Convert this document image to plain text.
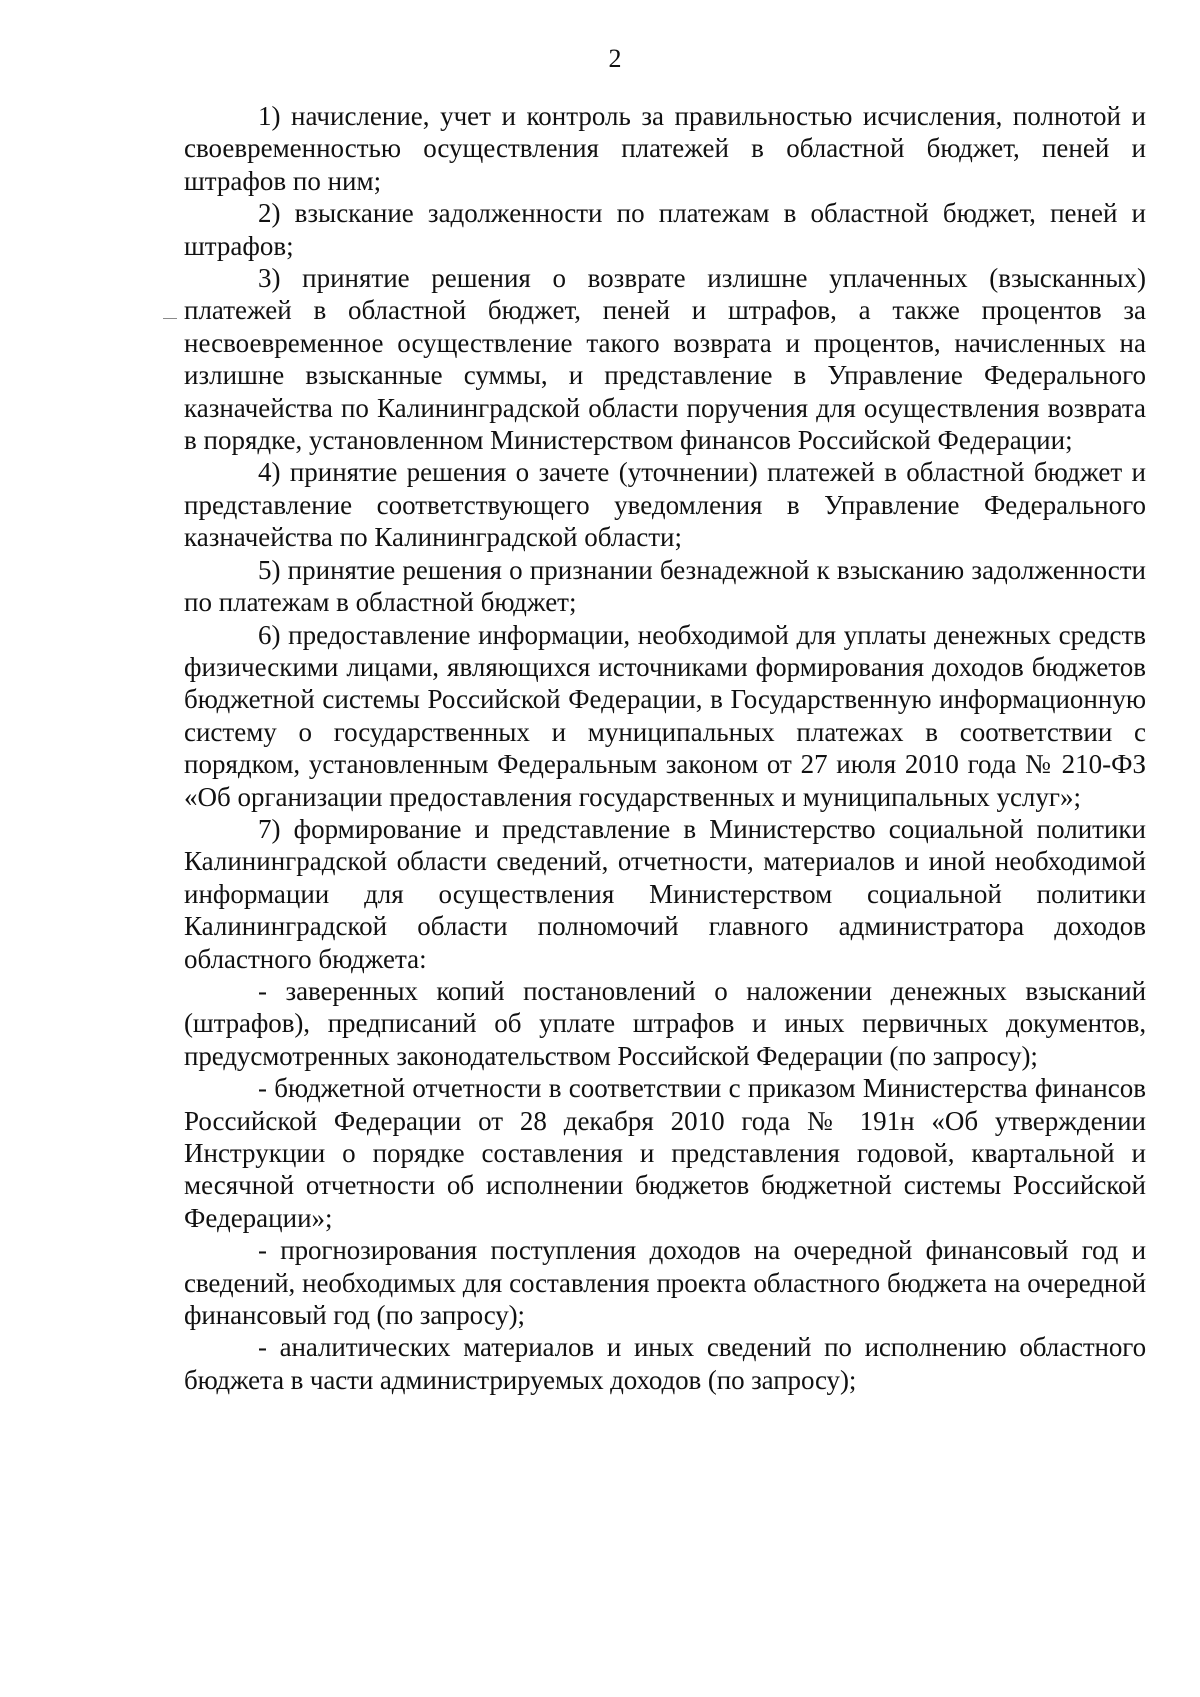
2

1) начисление, учет и контроль за правильностью исчисления, полнотой и своевременностью осуществления платежей в областной бюджет, пеней и штрафов по ним;

2) взыскание задолженности по платежам в областной бюджет, пеней и штрафов;

3) принятие решения о возврате излишне уплаченных (взысканных) платежей в областной бюджет, пеней и штрафов, а также процентов за несвоевременное осуществление такого возврата и процентов, начисленных на излишне взысканные суммы, и представление в Управление Федерального казначейства по Калининградской области поручения для осуществления возврата в порядке, установленном Министерством финансов Российской Федерации;

4) принятие решения о зачете (уточнении) платежей в областной бюджет и представление соответствующего уведомления в Управление Федерального казначейства по Калининградской области;

5) принятие решения о признании безнадежной к взысканию задолженности по платежам в областной бюджет;

6) предоставление информации, необходимой для уплаты денежных средств физическими лицами, являющихся источниками формирования доходов бюджетов бюджетной системы Российской Федерации, в Государственную информационную систему о государственных и муниципальных платежах в соответствии с порядком, установленным Федеральным законом от 27 июля 2010 года № 210-ФЗ «Об организации предоставления государственных и муниципальных услуг»;

7) формирование и представление в Министерство социальной политики Калининградской области сведений, отчетности, материалов и иной необходимой информации для осуществления Министерством социальной политики Калининградской области полномочий главного администратора доходов областного бюджета:

- заверенных копий постановлений о наложении денежных взысканий (штрафов), предписаний об уплате штрафов и иных первичных документов, предусмотренных законодательством Российской Федерации (по запросу);

- бюджетной отчетности в соответствии с приказом Министерства финансов Российской Федерации от 28 декабря 2010 года № 191н «Об утверждении Инструкции о порядке составления и представления годовой, квартальной и месячной отчетности об исполнении бюджетов бюджетной системы Российской Федерации»;

- прогнозирования поступления доходов на очередной финансовый год и сведений, необходимых для составления проекта областного бюджета на очередной финансовый год (по запросу);

- аналитических материалов и иных сведений по исполнению областного бюджета в части администрируемых доходов (по запросу);
